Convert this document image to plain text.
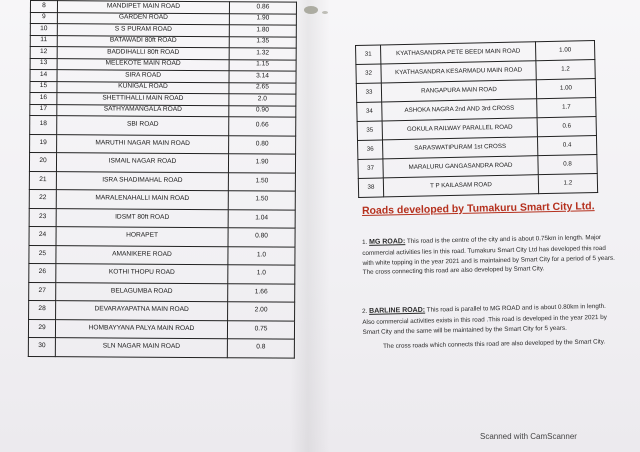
8	MANDIPET MAIN ROAD	0.86
9	GARDEN ROAD	1.90
10	S S PURAM ROAD	1.80
11	BATAWADI 80ft ROAD	1.35
12	BADDIHALLI 80ft ROAD	1.32
13	MELEKOTE MAIN ROAD	1.15
14	SIRA ROAD	3.14
15	KUNIGAL ROAD	2.65
16	SHETTIHALLI MAIN ROAD	2.0
17	SATHYAMANGALA ROAD	0.90
18	SBI ROAD	0.66
19	MARUTHI NAGAR MAIN ROAD	0.80
20	ISMAIL NAGAR ROAD	1.90
21	ISRA SHADIMAHAL ROAD	1.50
22	MARALENAHALLI MAIN ROAD	1.50
23	IDSMT 80ft ROAD	1.04
24	HORAPET	0.80
25	AMANIKERE ROAD	1.0
26	KOTHI THOPU ROAD	1.0
27	BELAGUMBA ROAD	1.66
28	DEVARAYAPATNA MAIN ROAD	2.00
29	HOMBAYYANA PALYA MAIN ROAD	0.75
30	SLN NAGAR MAIN ROAD	0.8
31	KYATHASANDRA PETE BEEDI MAIN ROAD	1.00
32	KYATHASANDRA KESARMADU MAIN ROAD	1.2
33	RANGAPURA MAIN ROAD	1.00
34	ASHOKA NAGRA 2nd AND 3rd CROSS	1.7
35	GOKULA RAILWAY PARALLEL ROAD	0.6
36	SARASWATIPURAM 1st CROSS	0.4
37	MARALURU GANGASANDRA ROAD	0.8
38	T P KAILASAM ROAD	1.2
Roads developed by Tumakuru Smart City Ltd.
1. MG ROAD: This road is the centre of the city and is about 0.75km in length. Major commercial activities lies in this road. Tumakuru Smart City Ltd has developed this road with white topping in the year 2021 and is maintained by Smart City for a period of 5 years. The cross connecting this road are also developed by Smart City.
2. BARLINE ROAD: This road is parallel to MG ROAD and is about 0.80km in length. Also commercial activities exists in this road .This road is developed in the year 2021 by Smart City and the same will be maintained by the Smart City for 5 years.
The cross roads which connects this road are also developed by the Smart City.
Scanned with CamScanner
